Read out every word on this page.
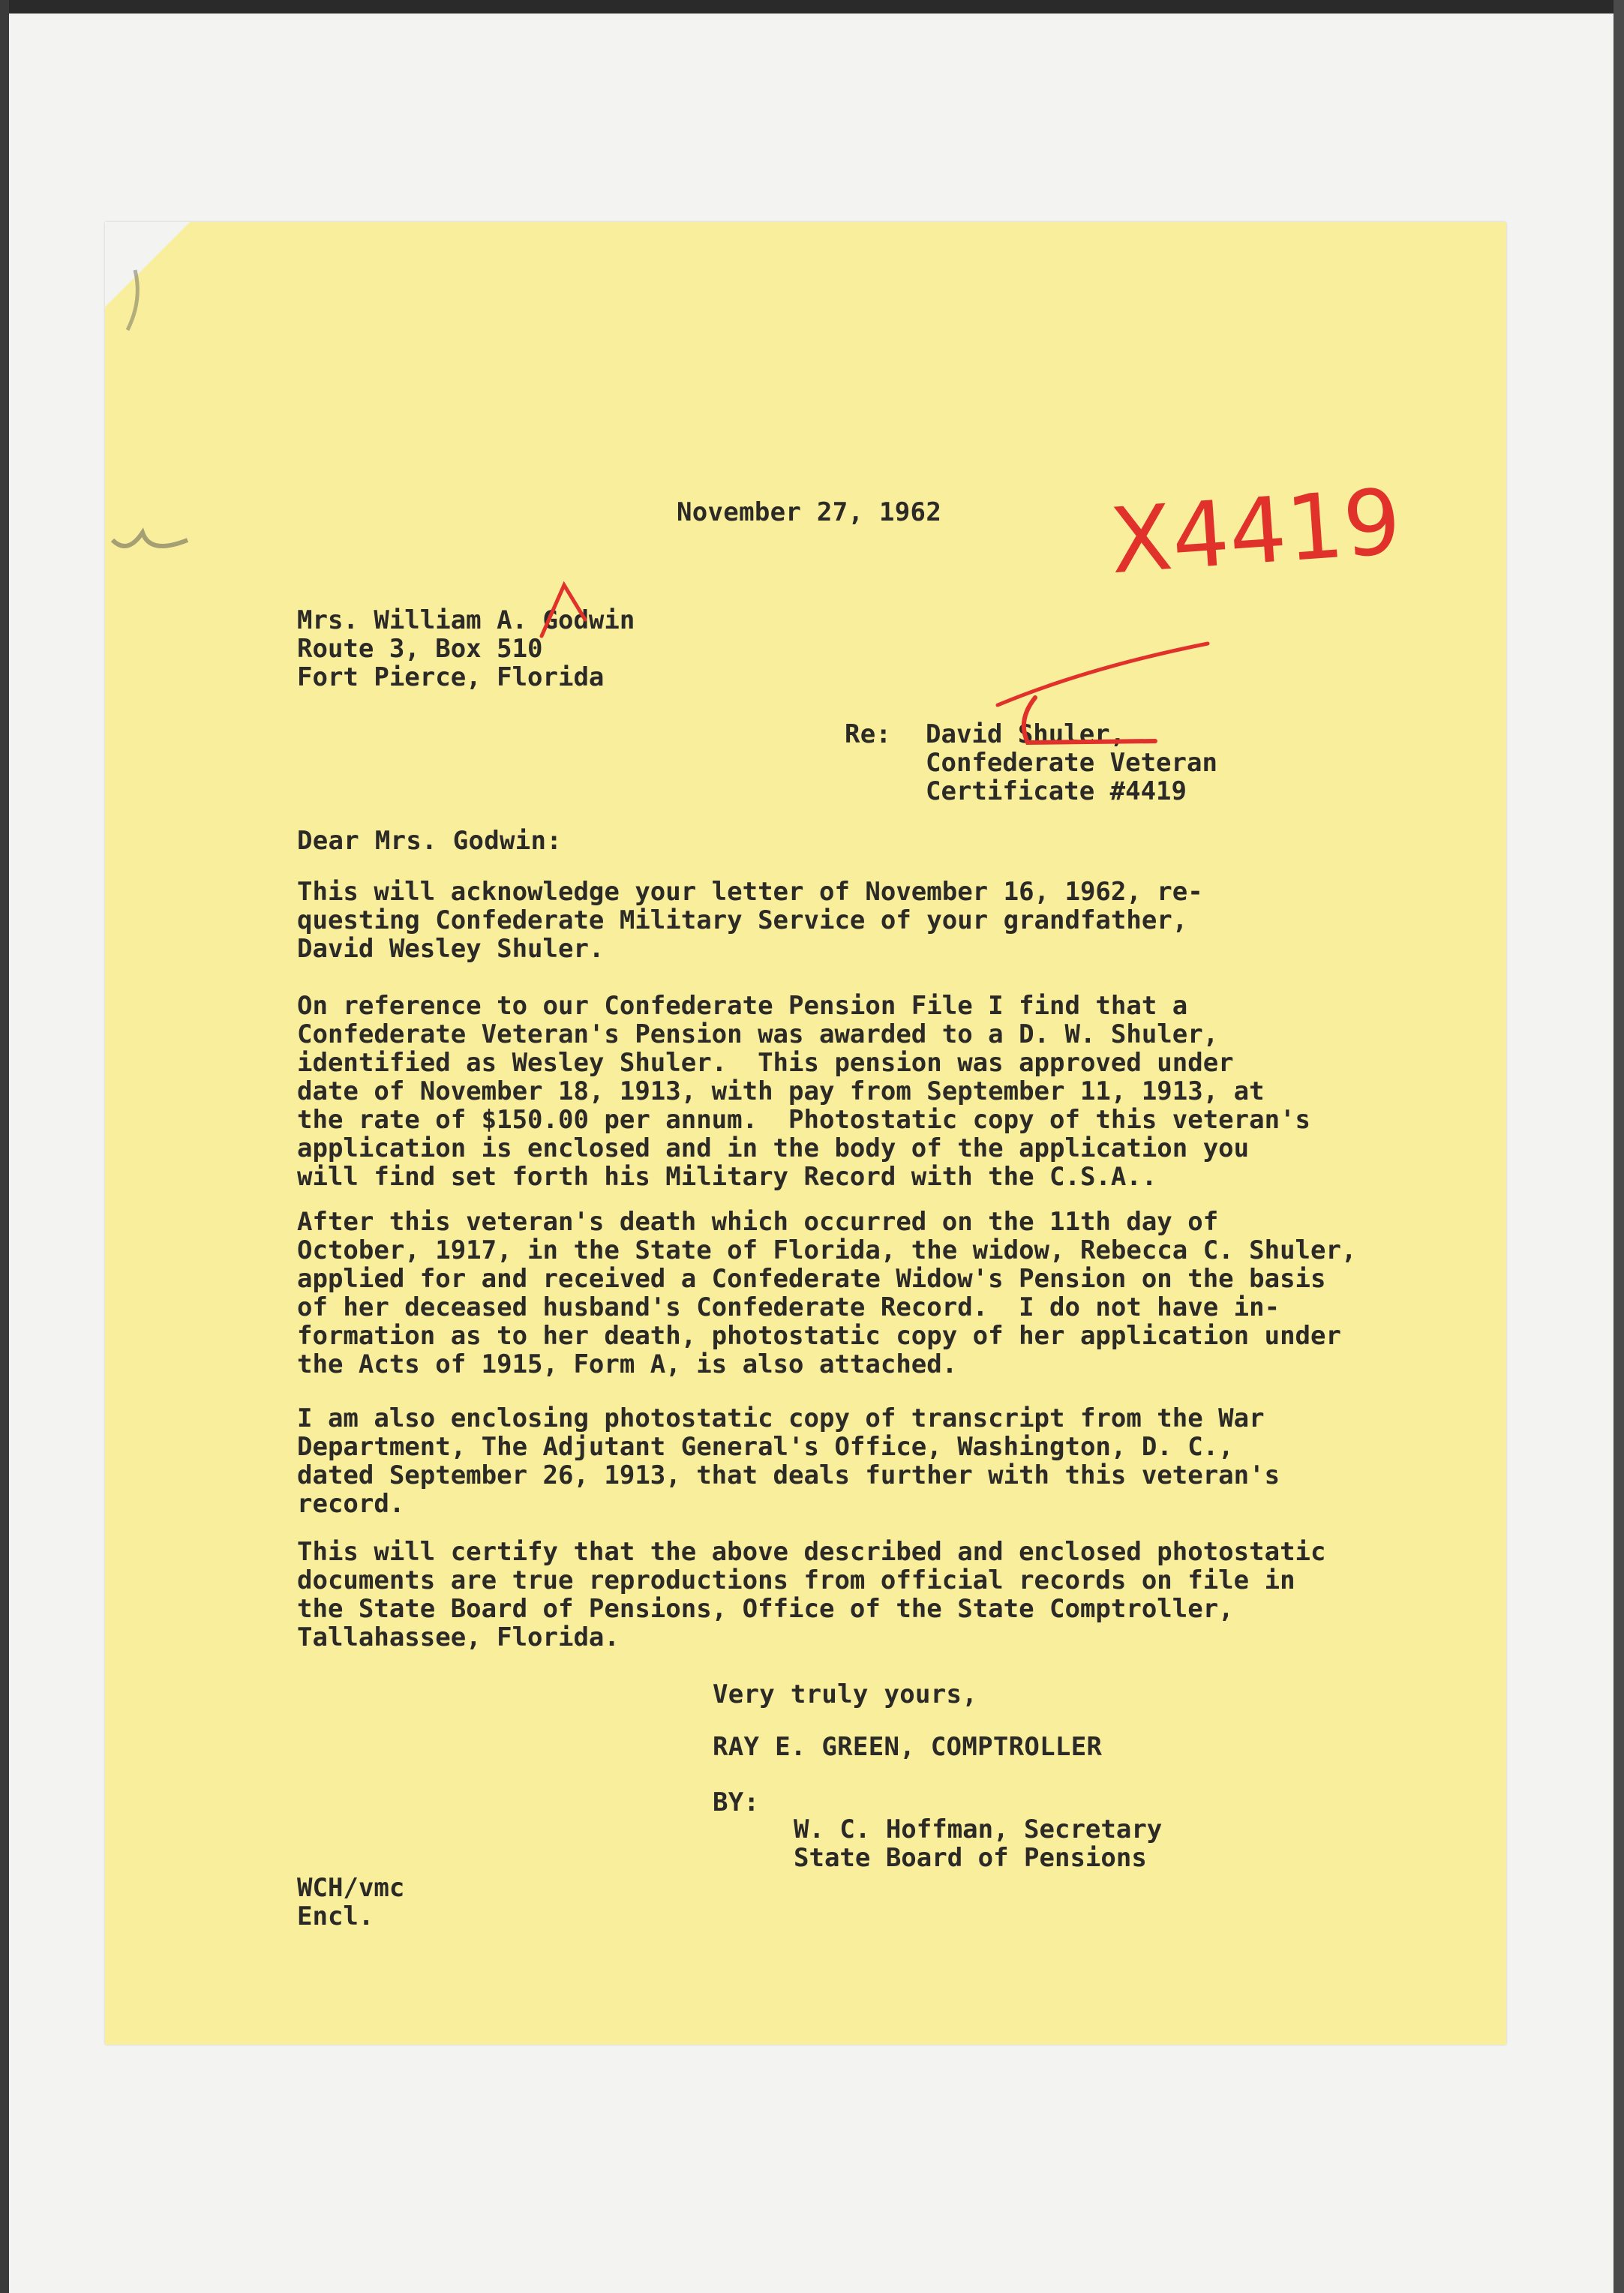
November 27, 1962
Mrs. William A. Godwin
Route 3, Box 510
Fort Pierce, Florida
Re: David Shuler,
Confederate Veteran
Certificate #4419
Dear Mrs. Godwin:
This will acknowledge your letter of November 16, 1962, re-
questing Confederate Military Service of your grandfather,
David Wesley Shuler.
On reference to our Confederate Pension File I find that a
Confederate Veteran's Pension was awarded to a D. W. Shuler,
identified as Wesley Shuler.  This pension was approved under
date of November 18, 1913, with pay from September 11, 1913, at
the rate of $150.00 per annum.  Photostatic copy of this veteran's
application is enclosed and in the body of the application you
will find set forth his Military Record with the C.S.A..
After this veteran's death which occurred on the 11th day of
October, 1917, in the State of Florida, the widow, Rebecca C. Shuler,
applied for and received a Confederate Widow's Pension on the basis
of her deceased husband's Confederate Record.  I do not have in-
formation as to her death, photostatic copy of her application under
the Acts of 1915, Form A, is also attached.
I am also enclosing photostatic copy of transcript from the War
Department, The Adjutant General's Office, Washington, D. C.,
dated September 26, 1913, that deals further with this veteran's
record.
This will certify that the above described and enclosed photostatic
documents are true reproductions from official records on file in
the State Board of Pensions, Office of the State Comptroller,
Tallahassee, Florida.
Very truly yours,
RAY E. GREEN, COMPTROLLER
BY:
W. C. Hoffman, Secretary
State Board of Pensions
WCH/vmc
Encl.
X4419
